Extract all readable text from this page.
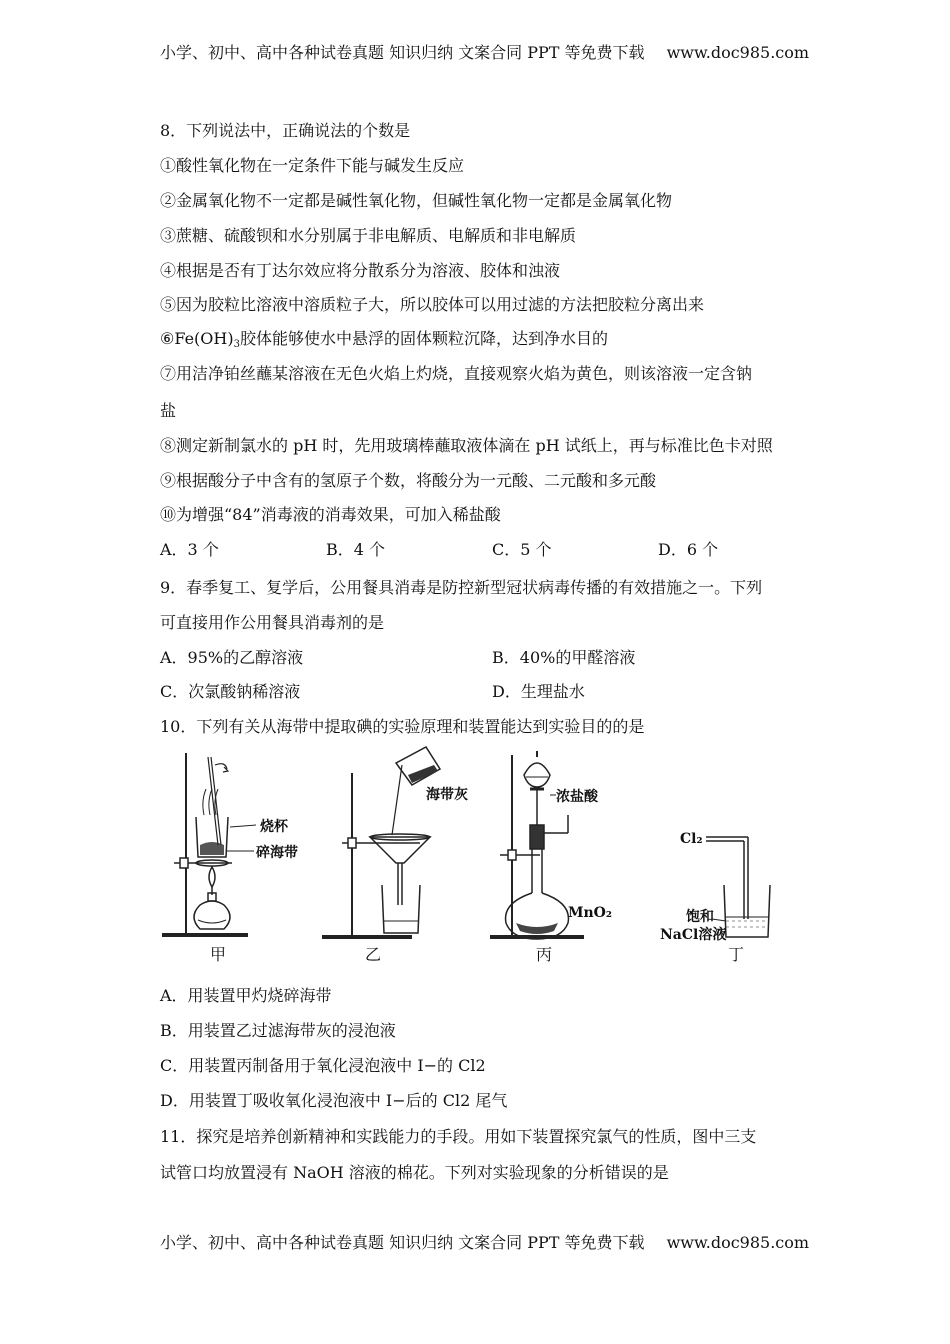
小学、初中、高中各种试卷真题 知识归纳 文案合同 PPT 等免费下载 www.doc985.com
8．下列说法中，正确说法的个数是
①酸性氧化物在一定条件下能与碱发生反应
②金属氧化物不一定都是碱性氧化物，但碱性氧化物一定都是金属氧化物
③蔗糖、硫酸钡和水分别属于非电解质、电解质和非电解质
④根据是否有丁达尔效应将分散系分为溶液、胶体和浊液
⑤因为胶粒比溶液中溶质粒子大，所以胶体可以用过滤的方法把胶粒分离出来
$⑥Fe(OH)_3$胶体能够使水中悬浮的固体颗粒沉降，达到净水目的
⑦用洁净铂丝蘸某溶液在无色火焰上灼烧，直接观察火焰为黄色，则该溶液一定含钠
盐
⑧测定新制氯水的 pH 时，先用玻璃棒蘸取液体滴在 pH 试纸上，再与标准比色卡对照
⑨根据酸分子中含有的氢原子个数，将酸分为一元酸、二元酸和多元酸
⑩为增强“84”消毒液的消毒效果，可加入稀盐酸
A．3 个	B．4 个	C．5 个	D．6 个
9．春季复工、复学后，公用餐具消毒是防控新型冠状病毒传播的有效措施之一。下列
可直接用作公用餐具消毒剂的是
A．95%的乙醇溶液	B．40%的甲醛溶液
C．次氯酸钠稀溶液	D．生理盐水
10．下列有关从海带中提取碘的实验原理和装置能达到实验目的的是
烧杯
碎海带
甲
海带灰
乙
浓盐酸
MnO₂
丙
Cl₂
饱和
NaCl溶液
丁
A．用装置甲灼烧碎海带
B．用装置乙过滤海带灰的浸泡液
C．用装置丙制备用于氧化浸泡液中 I−的 Cl2
D．用装置丁吸收氧化浸泡液中 I−后的 Cl2 尾气
11．探究是培养创新精神和实践能力的手段。用如下装置探究氯气的性质，图中三支
试管口均放置浸有 NaOH 溶液的棉花。下列对实验现象的分析错误的是
小学、初中、高中各种试卷真题 知识归纳 文案合同 PPT 等免费下载 www.doc985.com
